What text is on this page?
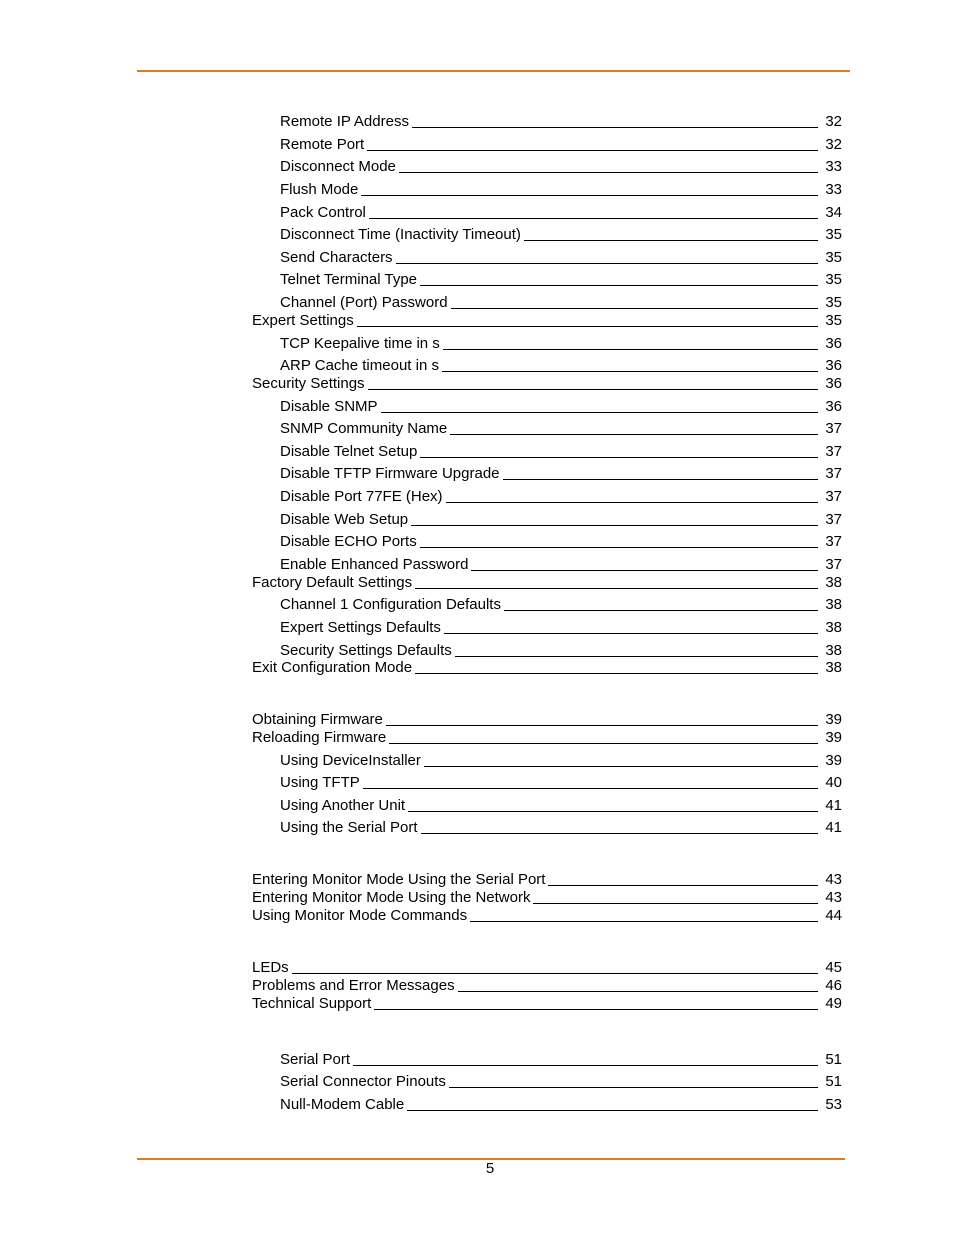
Remote IP Address	32
Remote Port	32
Disconnect Mode	33
Flush Mode	33
Pack Control	34
Disconnect Time (Inactivity Timeout)	35
Send Characters	35
Telnet Terminal Type	35
Channel (Port) Password	35
Expert Settings	35
TCP Keepalive time in s	36
ARP Cache timeout in s	36
Security Settings	36
Disable SNMP	36
SNMP Community Name	37
Disable Telnet Setup	37
Disable TFTP Firmware Upgrade	37
Disable Port 77FE (Hex)	37
Disable Web Setup	37
Disable ECHO Ports	37
Enable Enhanced Password	37
Factory Default Settings	38
Channel 1 Configuration Defaults	38
Expert Settings Defaults	38
Security Settings Defaults	38
Exit Configuration Mode	38
Obtaining Firmware	39
Reloading Firmware	39
Using DeviceInstaller	39
Using TFTP	40
Using Another Unit	41
Using the Serial Port	41
Entering Monitor Mode Using the Serial Port	43
Entering Monitor Mode Using the Network	43
Using Monitor Mode Commands	44
LEDs	45
Problems and Error Messages	46
Technical Support	49
Serial Port	51
Serial Connector Pinouts	51
Null-Modem Cable	53
5
